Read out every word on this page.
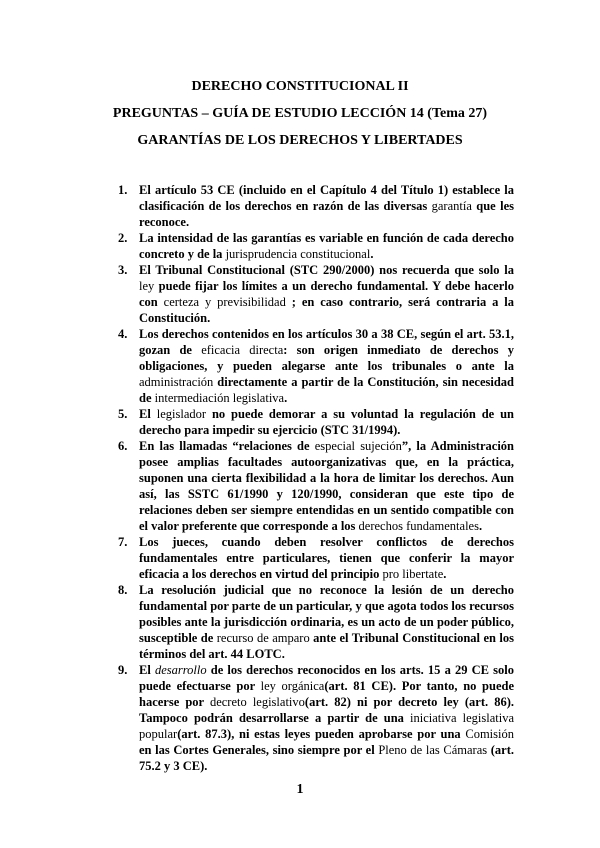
DERECHO CONSTITUCIONAL II
PREGUNTAS – GUÍA DE ESTUDIO LECCIÓN 14 (Tema 27)
GARANTÍAS DE LOS DERECHOS Y LIBERTADES
1. El artículo 53 CE (incluido en el Capítulo 4 del Título 1) establece la clasificación de los derechos en razón de las diversas garantía que les reconoce.
2. La intensidad de las garantías es variable en función de cada derecho concreto y de la jurisprudencia constitucional.
3. El Tribunal Constitucional (STC 290/2000) nos recuerda que solo la ley puede fijar los límites a un derecho fundamental. Y debe hacerlo con certeza y previsibilidad ; en caso contrario, será contraria a la Constitución.
4. Los derechos contenidos en los artículos 30 a 38 CE, según el art. 53.1, gozan de eficacia directa: son origen inmediato de derechos y obligaciones, y pueden alegarse ante los tribunales o ante la administración directamente a partir de la Constitución, sin necesidad de intermediación legislativa.
5. El legislador no puede demorar a su voluntad la regulación de un derecho para impedir su ejercicio (STC 31/1994).
6. En las llamadas “relaciones de especial sujeción”, la Administración posee amplias facultades autoorganizativas que, en la práctica, suponen una cierta flexibilidad a la hora de limitar los derechos. Aun así, las SSTC 61/1990 y 120/1990, consideran que este tipo de relaciones deben ser siempre entendidas en un sentido compatible con el valor preferente que corresponde a los derechos fundamentales.
7. Los jueces, cuando deben resolver conflictos de derechos fundamentales entre particulares, tienen que conferir la mayor eficacia a los derechos en virtud del principio pro libertate.
8. La resolución judicial que no reconoce la lesión de un derecho fundamental por parte de un particular, y que agota todos los recursos posibles ante la jurisdicción ordinaria, es un acto de un poder público, susceptible de recurso de amparo ante el Tribunal Constitucional en los términos del art. 44 LOTC.
9. El desarrollo de los derechos reconocidos en los arts. 15 a 29 CE solo puede efectuarse por ley orgánica(art. 81 CE). Por tanto, no puede hacerse por decreto legislativo(art. 82) ni por decreto ley (art. 86). Tampoco podrán desarrollarse a partir de una iniciativa legislativa popular(art. 87.3), ni estas leyes pueden aprobarse por una Comisión en las Cortes Generales, sino siempre por el Pleno de las Cámaras (art. 75.2 y 3 CE).
1
